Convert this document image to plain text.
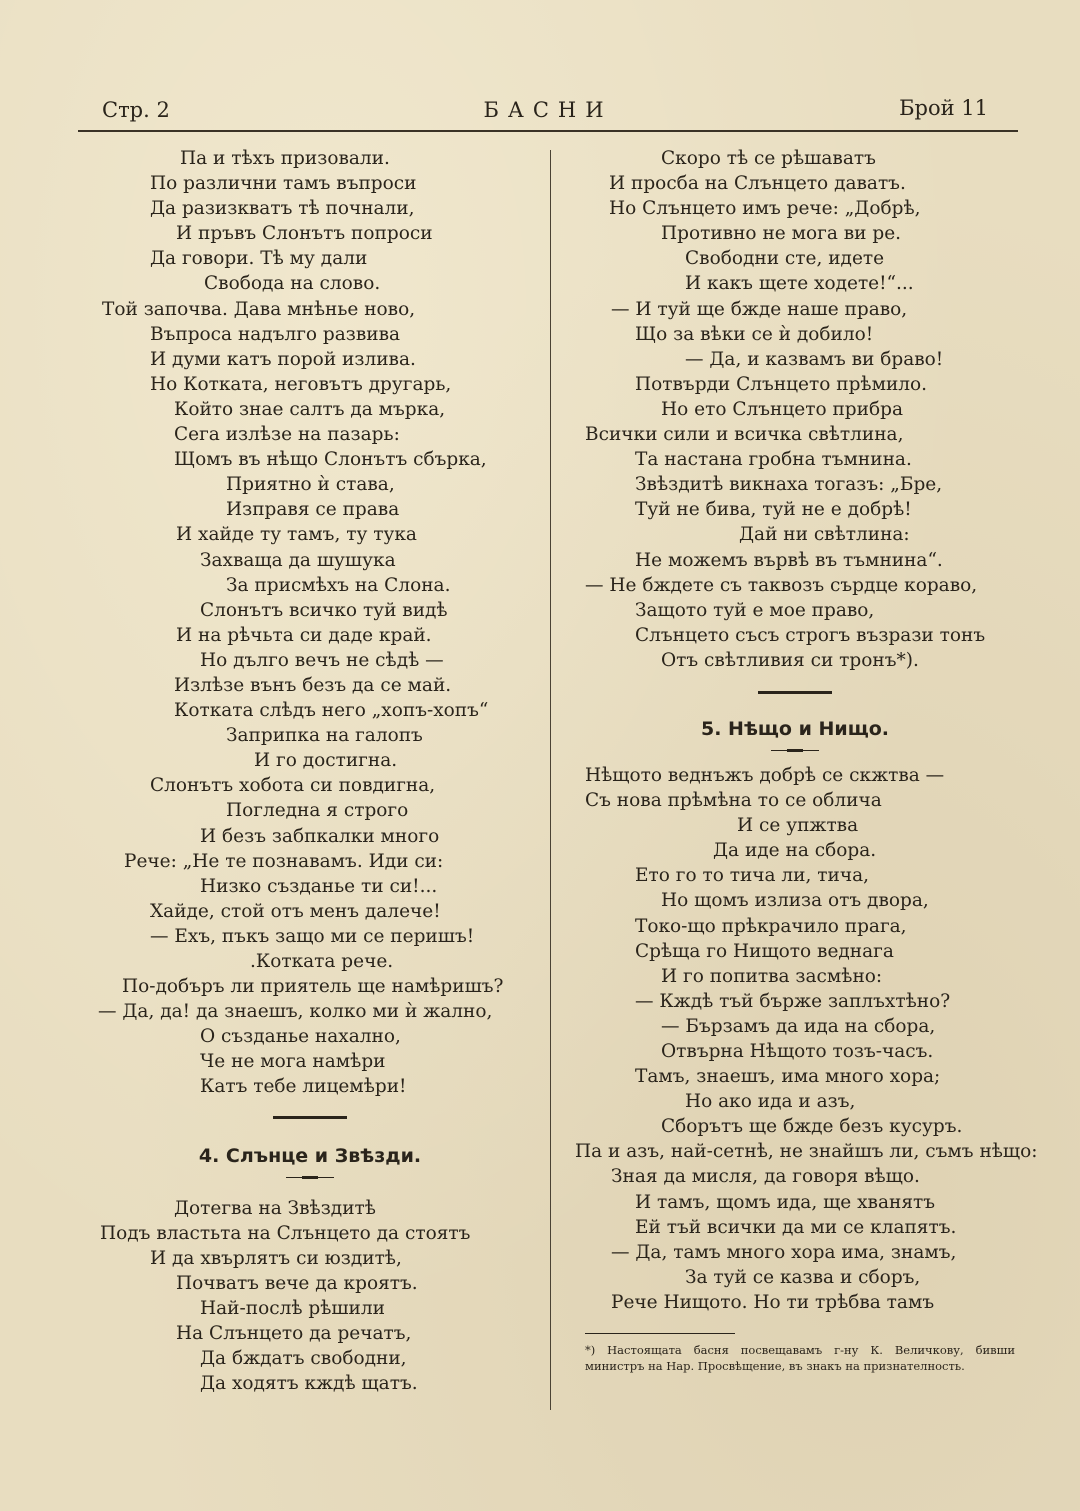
Стр. 2	БАСНИ	Брой 11
Па и тѣхъ призовали.
По различни тамъ въпроси
Да разизкватъ тѣ почнали,
И пръвъ Слонътъ попроси
Да говори. Тѣ му дали
Свобода на слово.
Той започва. Дава мнѣнье ново,
Въпроса надълго развива
И думи катъ порой излива.
Но Котката, неговътъ другарь,
Който знае салтъ да мърка,
Сега излѣзе на пазарь:
Щомъ въ нѣщо Слонътъ сбърка,
Приятно ѝ става,
Изправя се права
И хайде ту тамъ, ту тука
Захваща да шушука
За присмѣхъ на Слона.
Слонътъ всичко туй видѣ
И на рѣчьта си даде край.
Но дълго вечъ не сѣдѣ —
Излѣзе вънъ безъ да се май.
Котката слѣдъ него „хопъ-хопъ“
Заприпка на галопъ
И го достигна.
Слонътъ хобота си повдигна,
Погледна я строго
И безъ забпкалки много
Рече: „Не те познавамъ. Иди си:
Низко създанье ти си!...
Хайде, стой отъ менъ далече!
— Ехъ, пъкъ защо ми се перишъ!
.Котката рече.
По-добъръ ли приятель ще намѣришъ?
— Да, да! да знаешъ, колко ми ѝ жално,
О създанье нахално,
Че не мога намѣри
Катъ тебе лицемѣри!
4. Слънце и Звѣзди.
Дотегва на Звѣздитѣ
Подъ властьта на Слънцето да стоятъ
И да хвърлятъ си юздитѣ,
Почватъ вече да кроятъ.
Най-послѣ рѣшили
На Слънцето да речатъ,
Да бждатъ свободни,
Да ходятъ кждѣ щатъ.
Скоро тѣ се рѣшаватъ
И просба на Слънцето даватъ.
Но Слънцето имъ рече: „Добрѣ,
Противно не мога ви ре.
Свободни сте, идете
И какъ щете ходете!“...
— И туй ще бжде наше право,
Що за вѣки се ѝ добило!
— Да, и казвамъ ви браво!
Потвърди Слънцето прѣмило.
Но ето Слънцето прибра
Всички сили и всичка свѣтлина,
Та настана гробна тъмнина.
Звѣздитѣ викнаха тогазъ: „Бре,
Туй не бива, туй не е добрѣ!
Дай ни свѣтлина:
Не можемъ вървѣ въ тъмнина“.
— Не бждете съ таквозъ сърдце кораво,
Защото туй е мое право,
Слънцето съсъ строгъ възрази тонъ
Отъ свѣтливия си тронъ*).
5. Нѣщо и Нищо.
Нѣщото веднъжъ добрѣ се скжтва —
Съ нова прѣмѣна то се облича
И се упжтва
Да иде на сбора.
Ето го то тича ли, тича,
Но щомъ излиза отъ двора,
Токо-що прѣкрачило прага,
Срѣща го Нищото веднага
И го попитва засмѣно:
— Кждѣ тъй бърже заплъхтѣно?
— Бързамъ да ида на сбора,
Отвърна Нѣщото тозъ-часъ.
Тамъ, знаешъ, има много хора;
Но ако ида и азъ,
Сборътъ ще бжде безъ кусуръ.
Па и азъ, най-сетнѣ, не знайшъ ли, съмъ нѣщо:
Зная да мисля, да говоря вѣщо.
И тамъ, щомъ ида, ще хванятъ
Ей тъй всички да ми се клапятъ.
— Да, тамъ много хора има, знамъ,
За туй се казва и сборъ,
Рече Нищото. Но ти трѣбва тамъ
*) Настоящата басня посвещавамъ г-ну К. Величкову, бивши министръ на Нар. Просвѣщение, въ знакъ на признателность.
